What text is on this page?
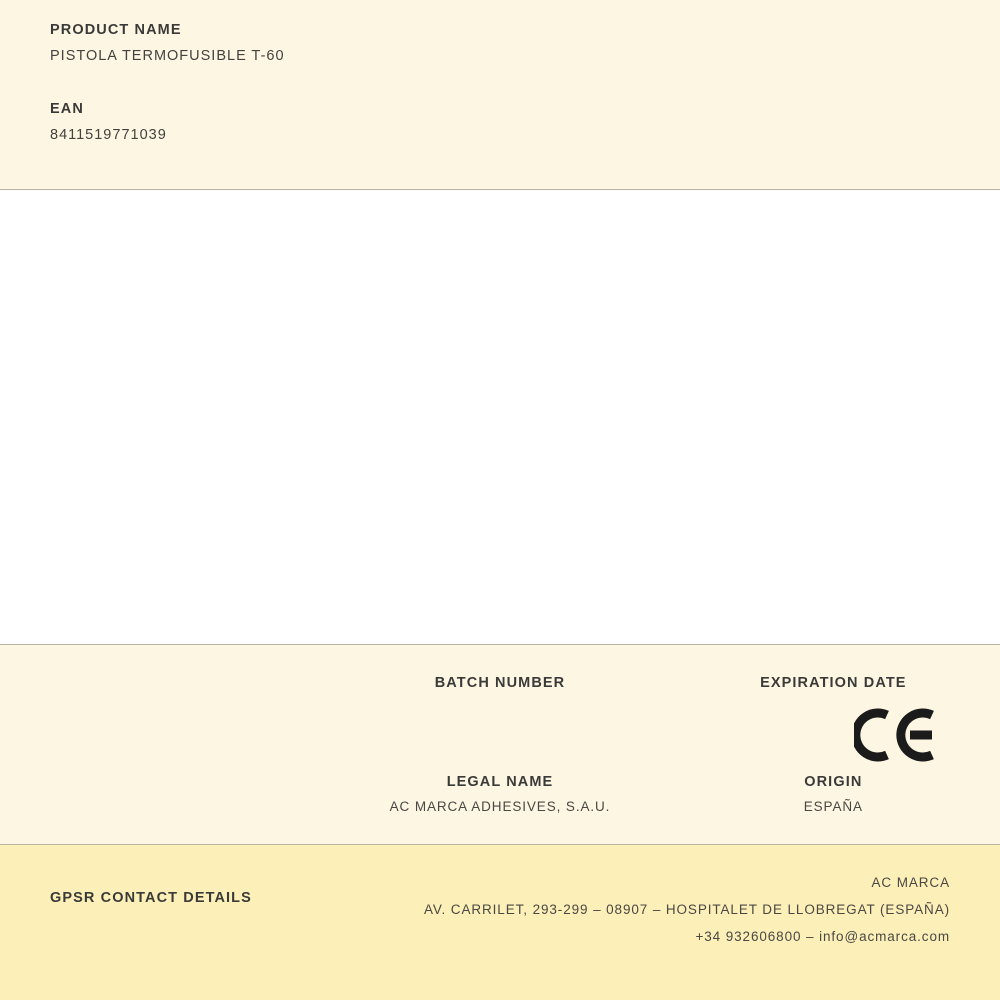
PRODUCT NAME

PISTOLA TERMOFUSIBLE T-60

EAN

8411519771039

BATCH NUMBER	EXPIRATION DATE

LEGAL NAME

AC MARCA ADHESIVES, S.A.U.

ORIGIN

ESPAÑA

GPSR CONTACT DETAILS

AC MARCA

AV. CARRILET, 293-299 – 08907 – HOSPITALET DE LLOBREGAT (ESPAÑA)

+34 932606800 – info@acmarca.com
